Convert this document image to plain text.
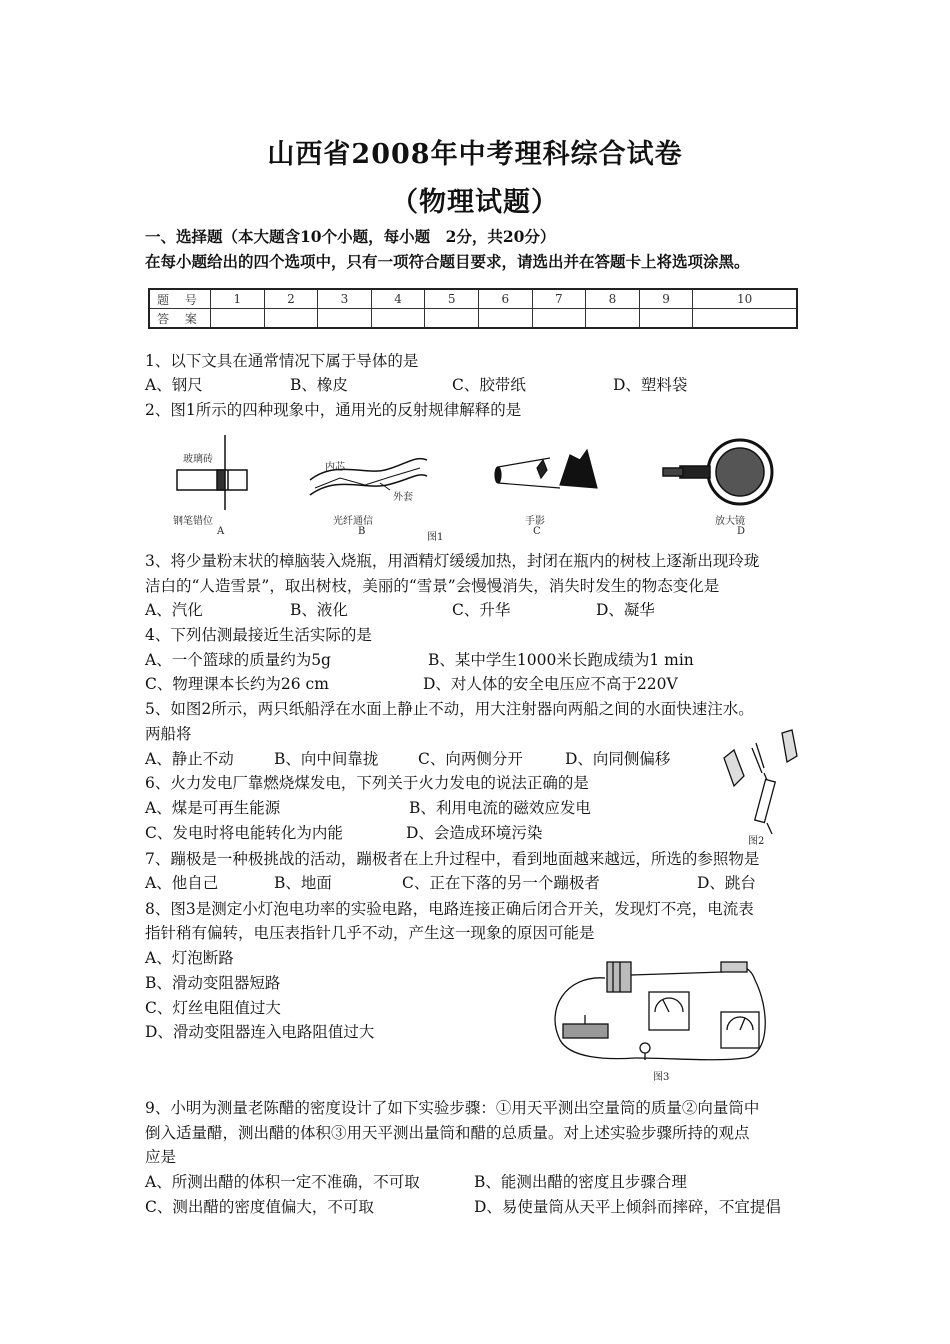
山西省2008年中考理科综合试卷
（物理试题）
一、选择题（本大题含10个小题，每小题　2分，共20分）
在每小题给出的四个选项中，只有一项符合题目要求，请选出并在答题卡上将选项涂黑。
题 号	1	2	3	4	5	6	7	8	9	10
答 案										
1、以下文具在通常情况下属于导体的是
A、钢尺	B、橡皮	C、胶带纸	D、塑料袋
2、图1所示的四种现象中，通用光的反射规律解释的是
玻璃砖
钢笔错位
A
内芯
外套
光纤通信
B
手影
C
图1
放大镜
D
3、将少量粉末状的樟脑装入烧瓶，用酒精灯缓缓加热，封闭在瓶内的树枝上逐渐出现玲珑
洁白的“人造雪景”，取出树枝，美丽的“雪景”会慢慢消失，消失时发生的物态变化是
A、汽化	B、液化	C、升华	D、凝华
4、下列估测最接近生活实际的是
A、一个篮球的质量约为5g	B、某中学生1000米长跑成绩为1 min
C、物理课本长约为26 cm	D、对人体的安全电压应不高于220V
5、如图2所示，两只纸船浮在水面上静止不动，用大注射器向两船之间的水面快速注水。
两船将
A、静止不动	B、向中间靠拢	C、向两侧分开	D、向同侧偏移
图2
6、火力发电厂靠燃烧煤发电，下列关于火力发电的说法正确的是
A、煤是可再生能源	B、利用电流的磁效应发电
C、发电时将电能转化为内能	D、会造成环境污染
7、蹦极是一种极挑战的活动，蹦极者在上升过程中，看到地面越来越远，所选的参照物是
A、他自己	B、地面	C、正在下落的另一个蹦极者	D、跳台
8、图3是测定小灯泡电功率的实验电路，电路连接正确后闭合开关，发现灯不亮，电流表
指针稍有偏转，电压表指针几乎不动，产生这一现象的原因可能是
A、灯泡断路
B、滑动变阻器短路
C、灯丝电阻值过大
D、滑动变阻器连入电路阻值过大
图3
9、小明为测量老陈醋的密度设计了如下实验步骤：①用天平测出空量筒的质量②向量筒中
倒入适量醋，测出醋的体积③用天平测出量筒和醋的总质量。对上述实验步骤所持的观点
应是
A、所测出醋的体积一定不准确，不可取	B、能测出醋的密度且步骤合理
C、测出醋的密度值偏大，不可取	D、易使量筒从天平上倾斜而摔碎，不宜提倡
